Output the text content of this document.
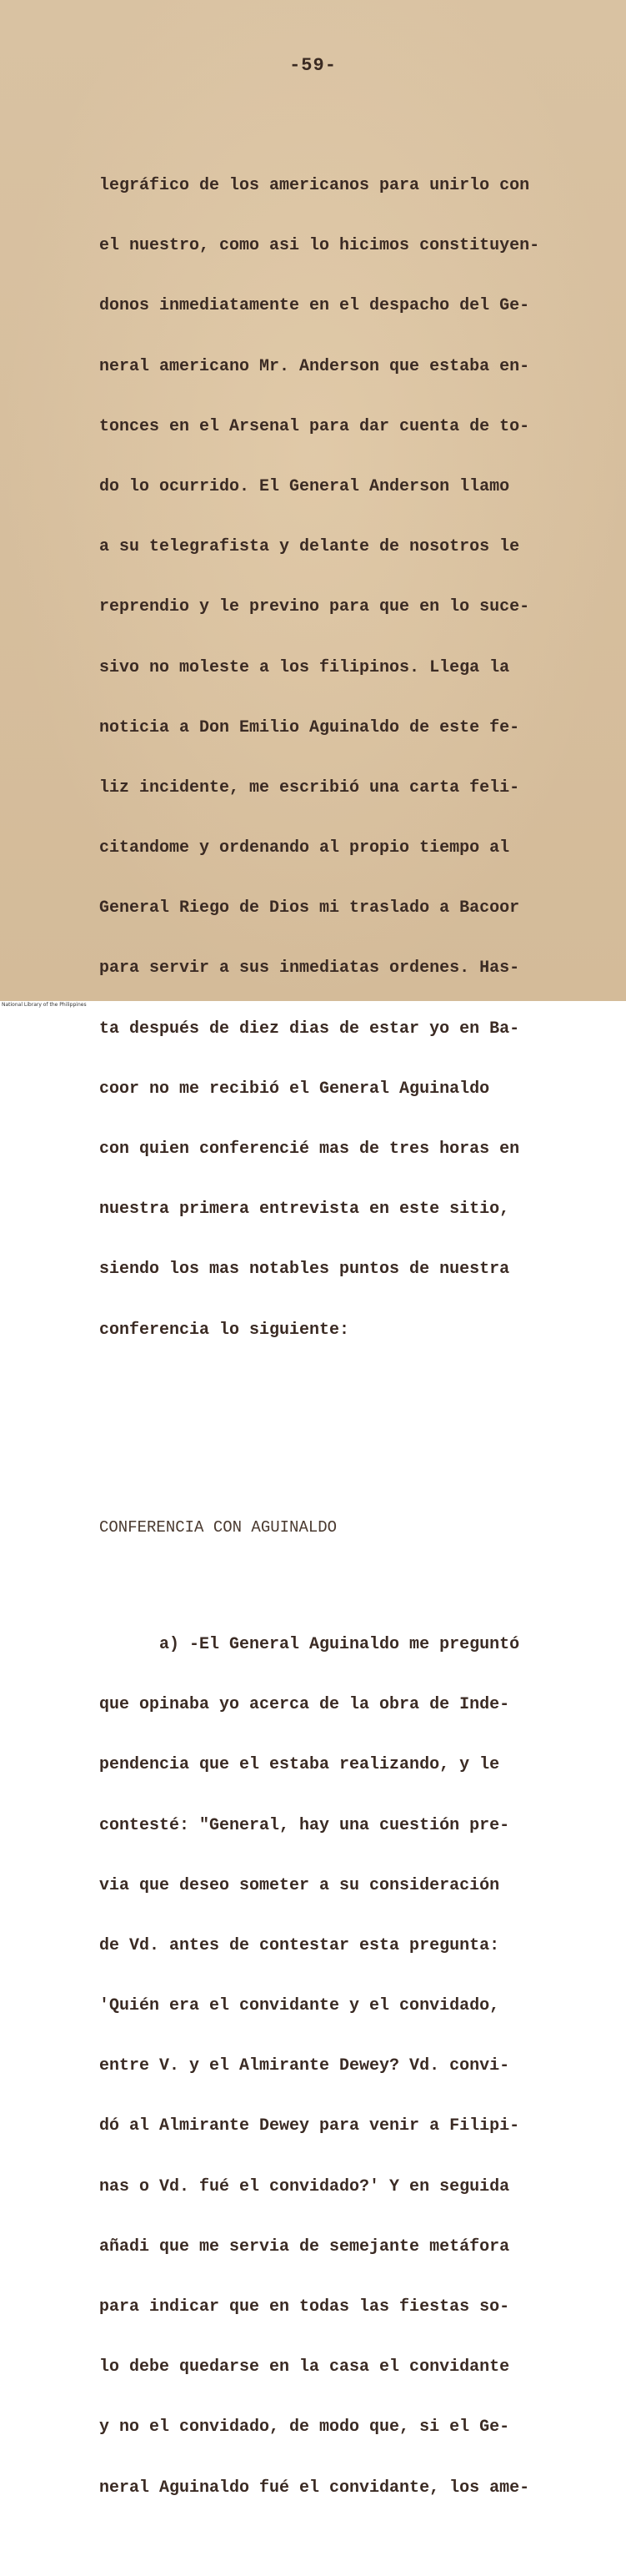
-59-

legráfico de los americanos para unirlo con

el nuestro, como asi lo hicimos constituyen-

donos inmediatamente en el despacho del Ge-

neral americano Mr. Anderson que estaba en-

tonces en el Arsenal para dar cuenta de to-

do lo ocurrido. El General Anderson llamo

a su telegrafista y delante de nosotros le

reprendio y le previno para que en lo suce-

sivo no moleste a los filipinos. Llega la

noticia a Don Emilio Aguinaldo de este fe-

liz incidente, me escribió una carta feli-

citandome y ordenando al propio tiempo al

General Riego de Dios mi traslado a Bacoor

para servir a sus inmediatas ordenes. Has-

ta después de diez dias de estar yo en Ba-

coor no me recibió el General Aguinaldo

con quien conferencié mas de tres horas en

nuestra primera entrevista en este sitio,

siendo los mas notables puntos de nuestra

conferencia lo siguiente:

CONFERENCIA CON AGUINALDO

a) -El General Aguinaldo me preguntó

que opinaba yo acerca de la obra de Inde-

pendencia que el estaba realizando, y le

contesté: "General, hay una cuestión pre-

via que deseo someter a su consideración

de Vd. antes de contestar esta pregunta:

'Quién era el convidante y el convidado,

entre V. y el Almirante Dewey? Vd. convi-

dó al Almirante Dewey para venir a Filipi-

nas o Vd. fué el convidado?' Y en seguida

añadi que me servia de semejante metáfora

para indicar que en todas las fiestas so-

lo debe quedarse en la casa el convidante

y no el convidado, de modo que, si el Ge-

neral Aguinaldo fué el convidante, los ame-

National Library of the Philippines
